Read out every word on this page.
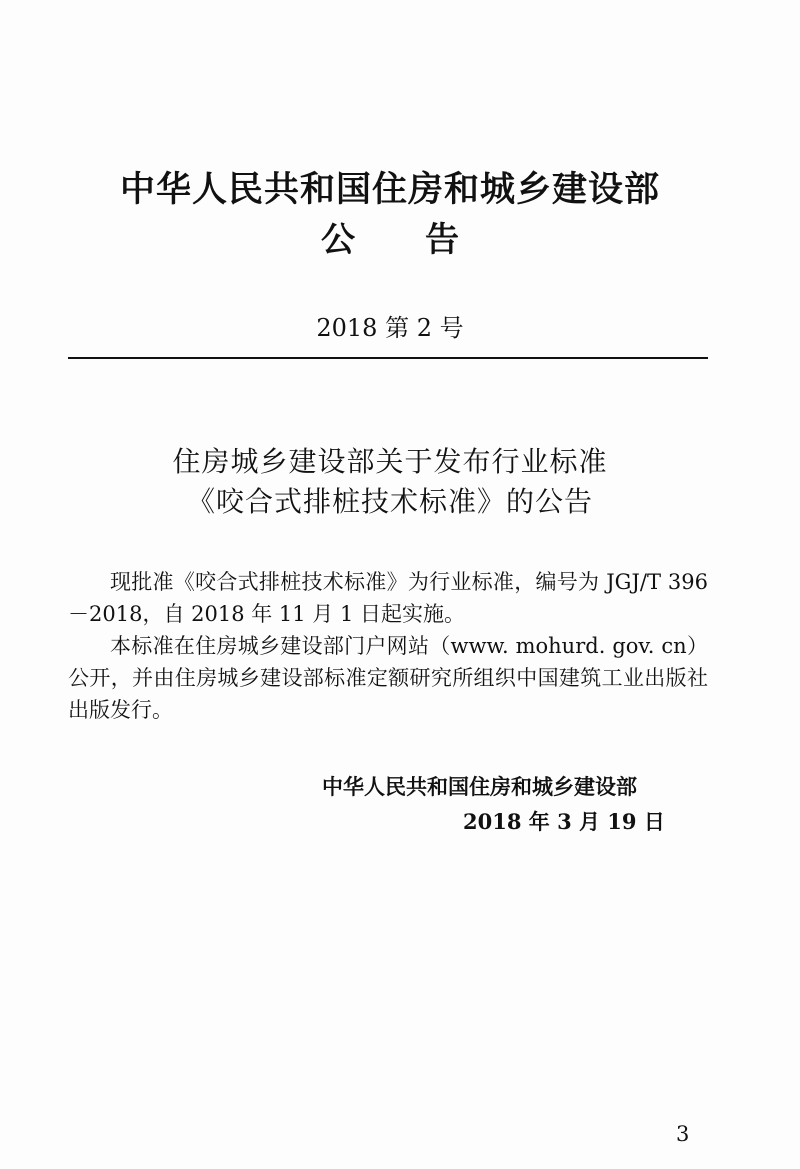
中华人民共和国住房和城乡建设部
公告
2018 第 2 号
住房城乡建设部关于发布行业标准
《咬合式排桩技术标准》的公告
现批准《咬合式排桩技术标准》为行业标准，编号为 JGJ/T 396－2018，自 2018 年 11 月 1 日起实施。
本标准在住房城乡建设部门户网站（www. mohurd. gov. cn）公开，并由住房城乡建设部标准定额研究所组织中国建筑工业出版社出版发行。
中华人民共和国住房和城乡建设部
2018 年 3 月 19 日
3
